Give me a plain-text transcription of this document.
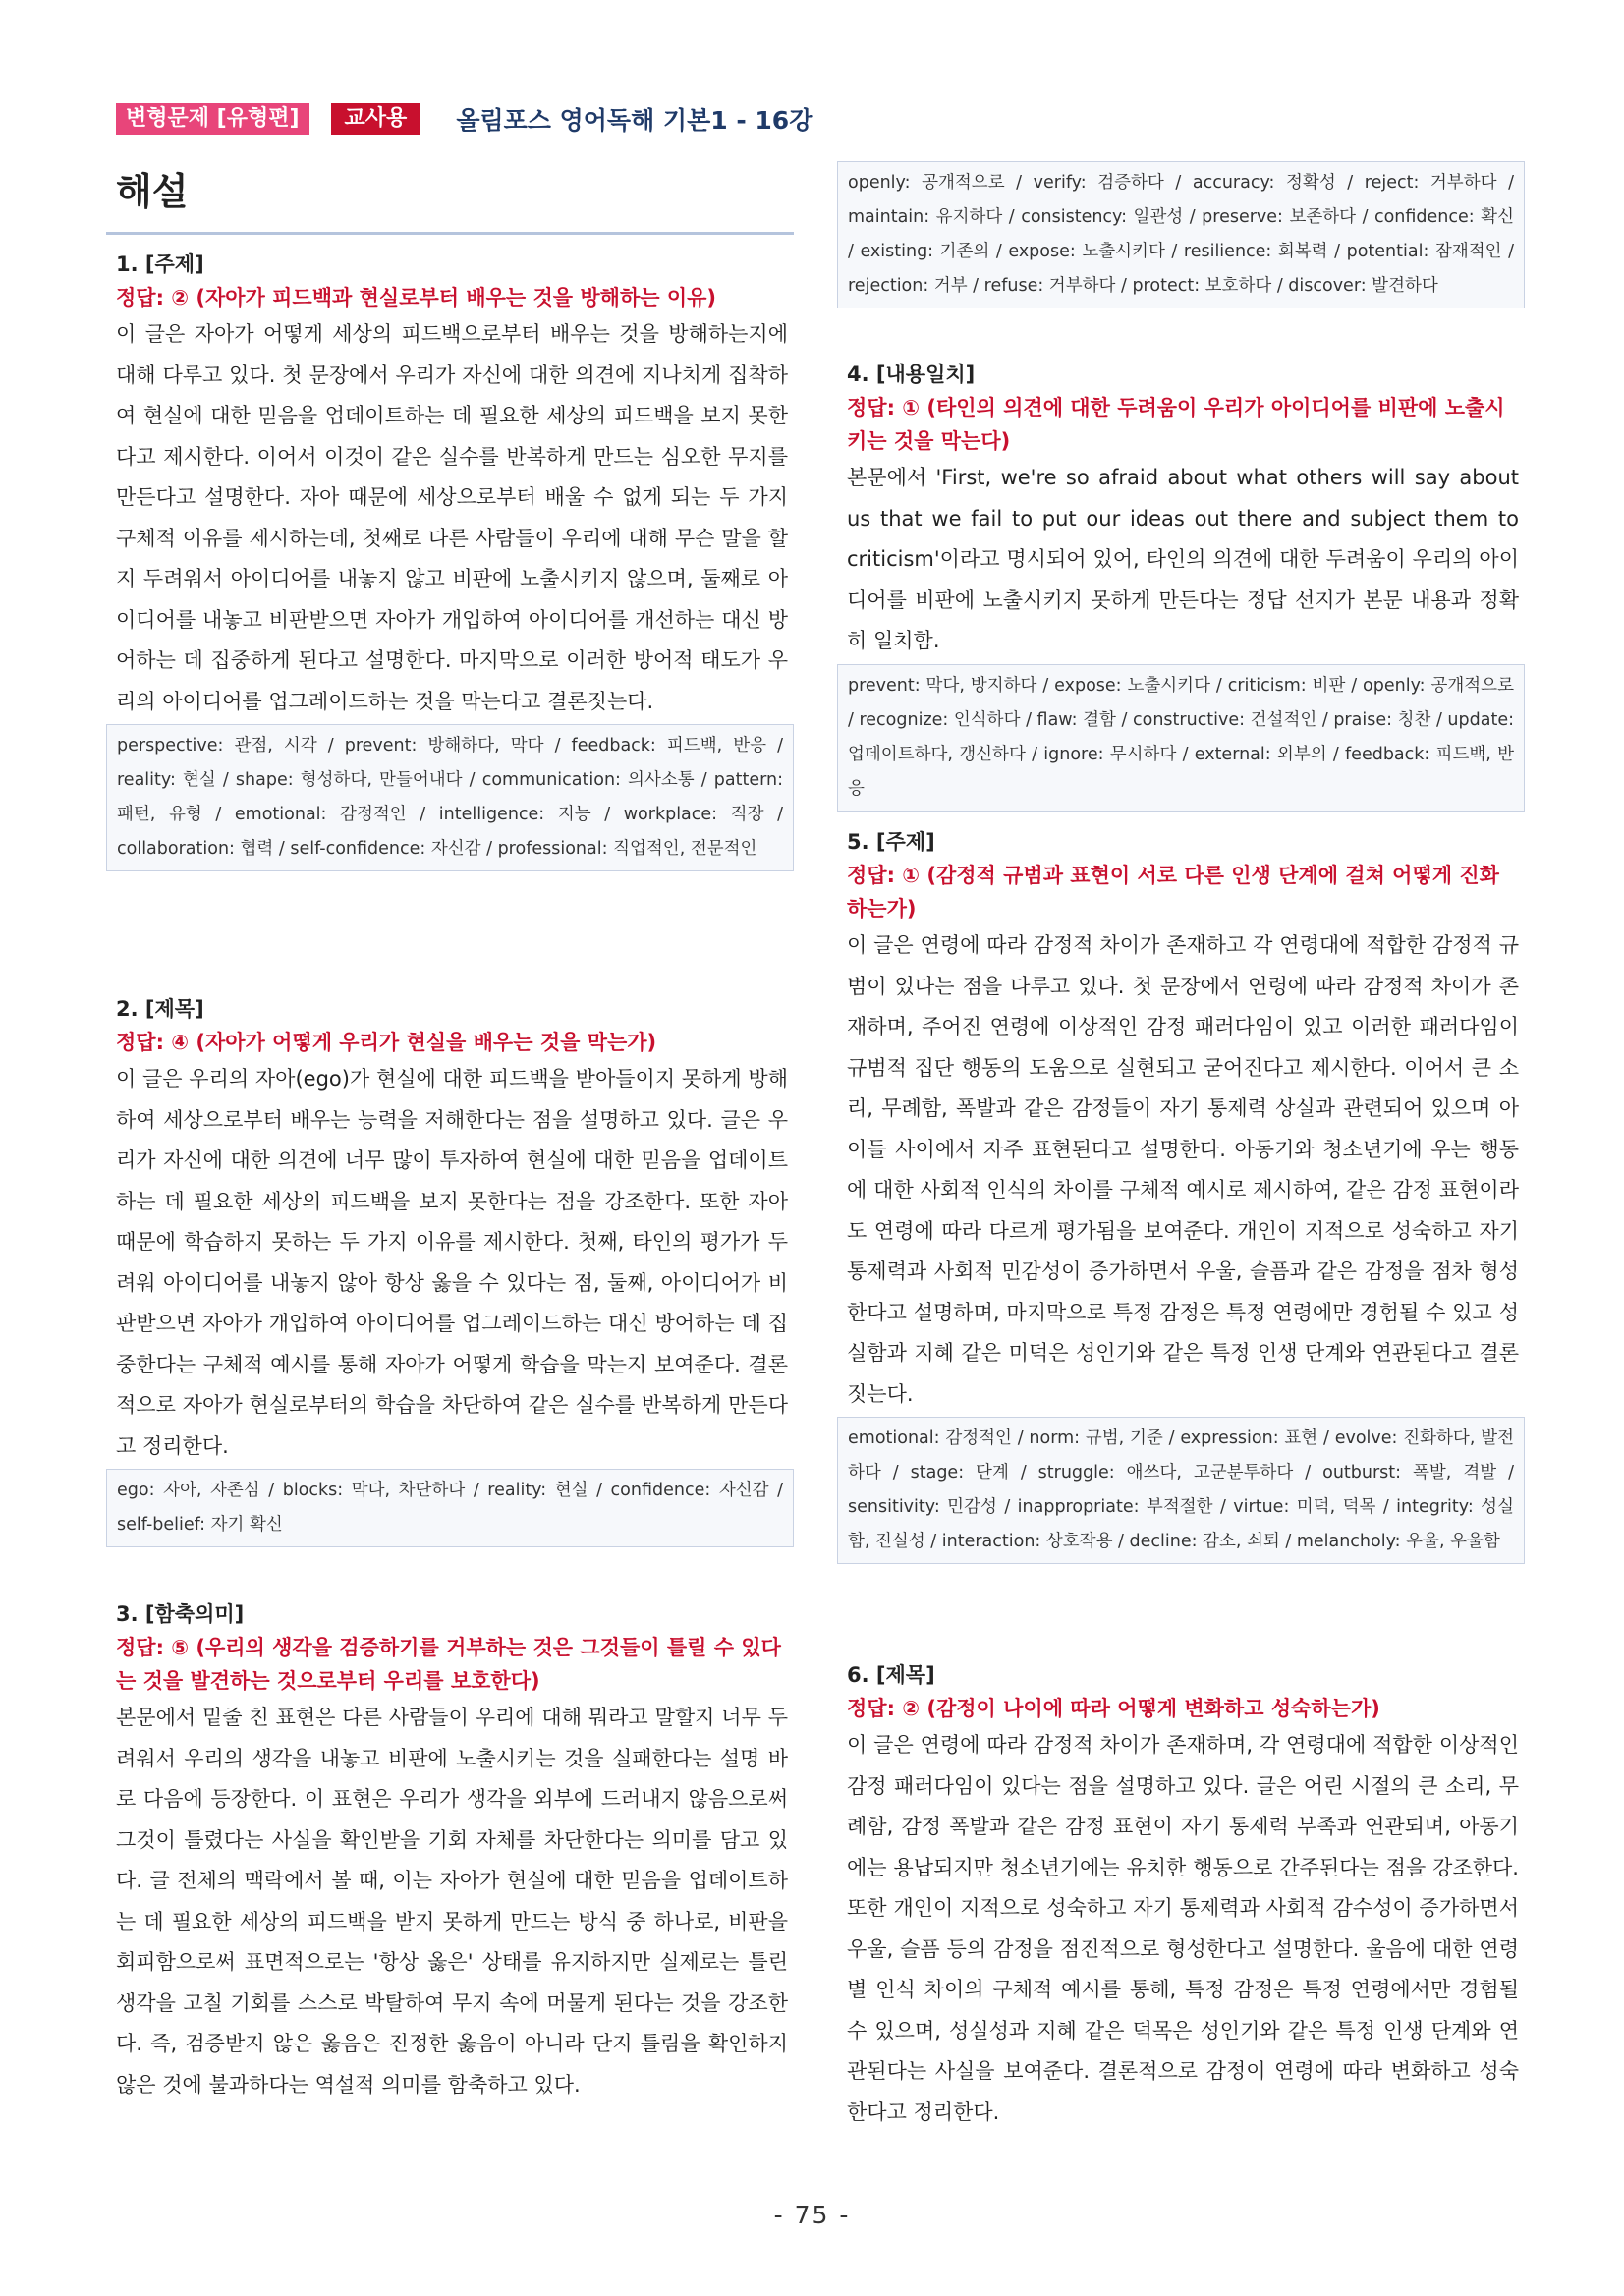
변형문제 [유형편]	교사용	올림포스 영어독해 기본1 - 16강
해설
1. [주제]
정답: ② (자아가 피드백과 현실로부터 배우는 것을 방해하는 이유)
이 글은 자아가 어떻게 세상의 피드백으로부터 배우는 것을 방해하는지에 대해 다루고 있다. 첫 문장에서 우리가 자신에 대한 의견에 지나치게 집착하여 현실에 대한 믿음을 업데이트하는 데 필요한 세상의 피드백을 보지 못한다고 제시한다. 이어서 이것이 같은 실수를 반복하게 만드는 심오한 무지를 만든다고 설명한다. 자아 때문에 세상으로부터 배울 수 없게 되는 두 가지 구체적 이유를 제시하는데, 첫째로 다른 사람들이 우리에 대해 무슨 말을 할지 두려워서 아이디어를 내놓지 않고 비판에 노출시키지 않으며, 둘째로 아이디어를 내놓고 비판받으면 자아가 개입하여 아이디어를 개선하는 대신 방어하는 데 집중하게 된다고 설명한다. 마지막으로 이러한 방어적 태도가 우리의 아이디어를 업그레이드하는 것을 막는다고 결론짓는다.
perspective: 관점, 시각 / prevent: 방해하다, 막다 / feedback: 피드백, 반응 / reality: 현실 / shape: 형성하다, 만들어내다 / communication: 의사소통 / pattern: 패턴, 유형 / emotional: 감정적인 / intelligence: 지능 / workplace: 직장 / collaboration: 협력 / self-confidence: 자신감 / professional: 직업적인, 전문적인
2. [제목]
정답: ④ (자아가 어떻게 우리가 현실을 배우는 것을 막는가)
이 글은 우리의 자아(ego)가 현실에 대한 피드백을 받아들이지 못하게 방해하여 세상으로부터 배우는 능력을 저해한다는 점을 설명하고 있다. 글은 우리가 자신에 대한 의견에 너무 많이 투자하여 현실에 대한 믿음을 업데이트하는 데 필요한 세상의 피드백을 보지 못한다는 점을 강조한다. 또한 자아 때문에 학습하지 못하는 두 가지 이유를 제시한다. 첫째, 타인의 평가가 두려워 아이디어를 내놓지 않아 항상 옳을 수 있다는 점, 둘째, 아이디어가 비판받으면 자아가 개입하여 아이디어를 업그레이드하는 대신 방어하는 데 집중한다는 구체적 예시를 통해 자아가 어떻게 학습을 막는지 보여준다. 결론적으로 자아가 현실로부터의 학습을 차단하여 같은 실수를 반복하게 만든다고 정리한다.
ego: 자아, 자존심 / blocks: 막다, 차단하다 / reality: 현실 / confidence: 자신감 / self-belief: 자기 확신
3. [함축의미]
정답: ⑤ (우리의 생각을 검증하기를 거부하는 것은 그것들이 틀릴 수 있다는 것을 발견하는 것으로부터 우리를 보호한다)
본문에서 밑줄 친 표현은 다른 사람들이 우리에 대해 뭐라고 말할지 너무 두려워서 우리의 생각을 내놓고 비판에 노출시키는 것을 실패한다는 설명 바로 다음에 등장한다. 이 표현은 우리가 생각을 외부에 드러내지 않음으로써 그것이 틀렸다는 사실을 확인받을 기회 자체를 차단한다는 의미를 담고 있다. 글 전체의 맥락에서 볼 때, 이는 자아가 현실에 대한 믿음을 업데이트하는 데 필요한 세상의 피드백을 받지 못하게 만드는 방식 중 하나로, 비판을 회피함으로써 표면적으로는 '항상 옳은' 상태를 유지하지만 실제로는 틀린 생각을 고칠 기회를 스스로 박탈하여 무지 속에 머물게 된다는 것을 강조한다. 즉, 검증받지 않은 옳음은 진정한 옳음이 아니라 단지 틀림을 확인하지 않은 것에 불과하다는 역설적 의미를 함축하고 있다.
openly: 공개적으로 / verify: 검증하다 / accuracy: 정확성 / reject: 거부하다 / maintain: 유지하다 / consistency: 일관성 / preserve: 보존하다 / confidence: 확신 / existing: 기존의 / expose: 노출시키다 / resilience: 회복력 / potential: 잠재적인 / rejection: 거부 / refuse: 거부하다 / protect: 보호하다 / discover: 발견하다
4. [내용일치]
정답: ① (타인의 의견에 대한 두려움이 우리가 아이디어를 비판에 노출시키는 것을 막는다)
본문에서 'First, we're so afraid about what others will say about us that we fail to put our ideas out there and subject them to criticism'이라고 명시되어 있어, 타인의 의견에 대한 두려움이 우리의 아이디어를 비판에 노출시키지 못하게 만든다는 정답 선지가 본문 내용과 정확히 일치함.
prevent: 막다, 방지하다 / expose: 노출시키다 / criticism: 비판 / openly: 공개적으로 / recognize: 인식하다 / flaw: 결함 / constructive: 건설적인 / praise: 칭찬 / update: 업데이트하다, 갱신하다 / ignore: 무시하다 / external: 외부의 / feedback: 피드백, 반응
5. [주제]
정답: ① (감정적 규범과 표현이 서로 다른 인생 단계에 걸쳐 어떻게 진화하는가)
이 글은 연령에 따라 감정적 차이가 존재하고 각 연령대에 적합한 감정적 규범이 있다는 점을 다루고 있다. 첫 문장에서 연령에 따라 감정적 차이가 존재하며, 주어진 연령에 이상적인 감정 패러다임이 있고 이러한 패러다임이 규범적 집단 행동의 도움으로 실현되고 굳어진다고 제시한다. 이어서 큰 소리, 무례함, 폭발과 같은 감정들이 자기 통제력 상실과 관련되어 있으며 아이들 사이에서 자주 표현된다고 설명한다. 아동기와 청소년기에 우는 행동에 대한 사회적 인식의 차이를 구체적 예시로 제시하여, 같은 감정 표현이라도 연령에 따라 다르게 평가됨을 보여준다. 개인이 지적으로 성숙하고 자기 통제력과 사회적 민감성이 증가하면서 우울, 슬픔과 같은 감정을 점차 형성한다고 설명하며, 마지막으로 특정 감정은 특정 연령에만 경험될 수 있고 성실함과 지혜 같은 미덕은 성인기와 같은 특정 인생 단계와 연관된다고 결론짓는다.
emotional: 감정적인 / norm: 규범, 기준 / expression: 표현 / evolve: 진화하다, 발전하다 / stage: 단계 / struggle: 애쓰다, 고군분투하다 / outburst: 폭발, 격발 / sensitivity: 민감성 / inappropriate: 부적절한 / virtue: 미덕, 덕목 / integrity: 성실함, 진실성 / interaction: 상호작용 / decline: 감소, 쇠퇴 / melancholy: 우울, 우울함
6. [제목]
정답: ② (감정이 나이에 따라 어떻게 변화하고 성숙하는가)
이 글은 연령에 따라 감정적 차이가 존재하며, 각 연령대에 적합한 이상적인 감정 패러다임이 있다는 점을 설명하고 있다. 글은 어린 시절의 큰 소리, 무례함, 감정 폭발과 같은 감정 표현이 자기 통제력 부족과 연관되며, 아동기에는 용납되지만 청소년기에는 유치한 행동으로 간주된다는 점을 강조한다. 또한 개인이 지적으로 성숙하고 자기 통제력과 사회적 감수성이 증가하면서 우울, 슬픔 등의 감정을 점진적으로 형성한다고 설명한다. 울음에 대한 연령별 인식 차이의 구체적 예시를 통해, 특정 감정은 특정 연령에서만 경험될 수 있으며, 성실성과 지혜 같은 덕목은 성인기와 같은 특정 인생 단계와 연관된다는 사실을 보여준다. 결론적으로 감정이 연령에 따라 변화하고 성숙한다고 정리한다.
- 75 -
